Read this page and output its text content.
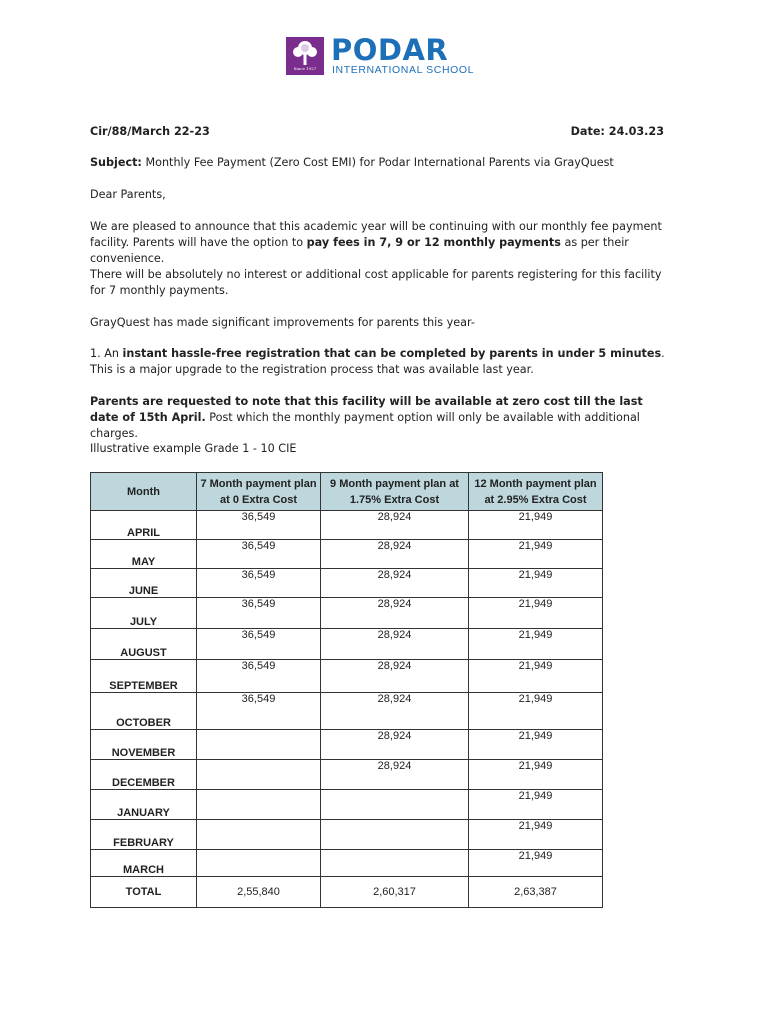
Since 1927
PODAR
INTERNATIONAL SCHOOL
Cir/88/March 22-23	Date: 24.03.23
Subject: Monthly Fee Payment (Zero Cost EMI) for Podar International Parents via GrayQuest
Dear Parents,
We are pleased to announce that this academic year will be continuing with our monthly fee payment facility. Parents will have the option to pay fees in 7, 9 or 12 monthly payments as per their convenience.
There will be absolutely no interest or additional cost applicable for parents registering for this facility for 7 monthly payments.
GrayQuest has made significant improvements for parents this year-
1. An instant hassle-free registration that can be completed by parents in under 5 minutes. This is a major upgrade to the registration process that was available last year.
Parents are requested to note that this facility will be available at zero cost till the last date of 15th April. Post which the monthly payment option will only be available with additional charges.
Illustrative example Grade 1 - 10 CIE
Month	7 Month payment plan at 0 Extra Cost	9 Month payment plan at 1.75% Extra Cost	12 Month payment plan at 2.95% Extra Cost
APRIL	36,549	28,924	21,949
MAY	36,549	28,924	21,949
JUNE	36,549	28,924	21,949
JULY	36,549	28,924	21,949
AUGUST	36,549	28,924	21,949
SEPTEMBER	36,549	28,924	21,949
OCTOBER	36,549	28,924	21,949
NOVEMBER		28,924	21,949
DECEMBER		28,924	21,949
JANUARY			21,949
FEBRUARY			21,949
MARCH			21,949
TOTAL	2,55,840	2,60,317	2,63,387
